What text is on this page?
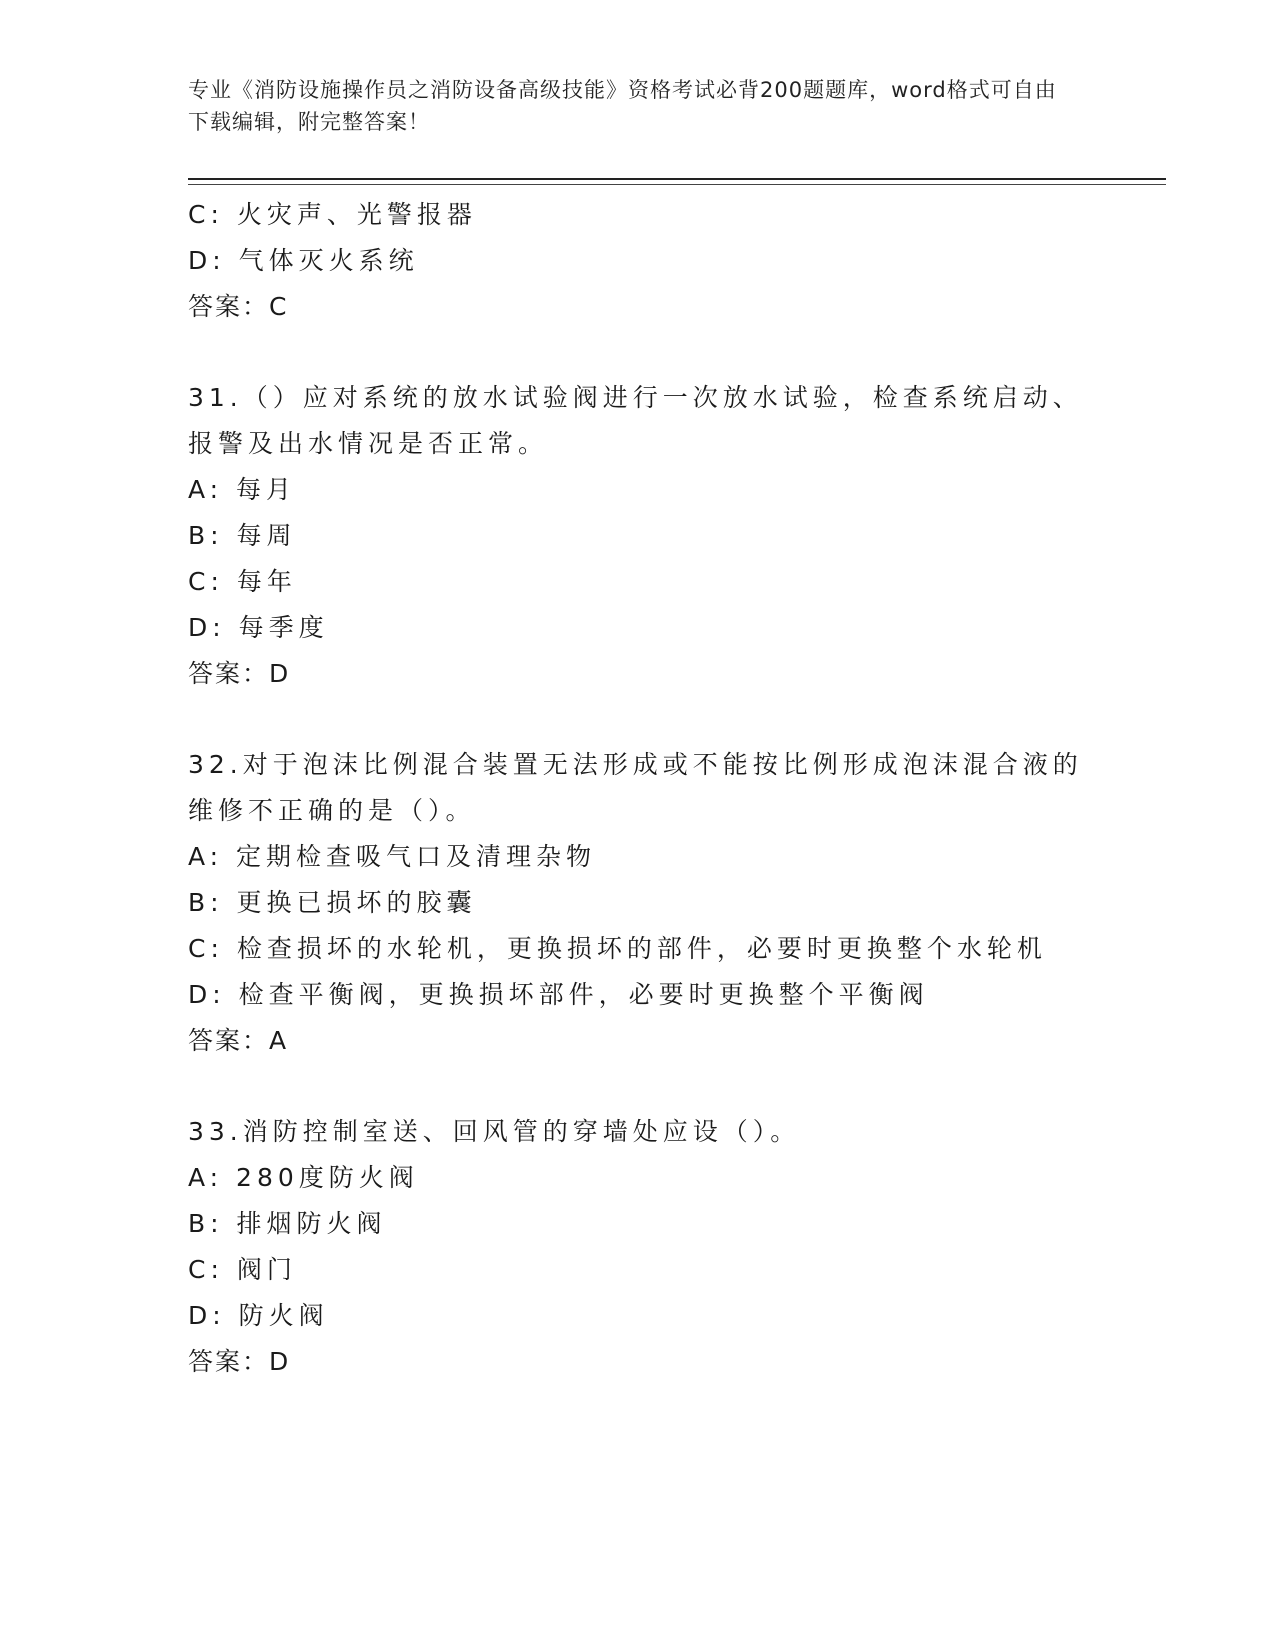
专业《消防设施操作员之消防设备高级技能》资格考试必背200题题库，word格式可自由下载编辑，附完整答案！
C: 火灾声、光警报器
D: 气体灭火系统
答案：C
31.（）应对系统的放水试验阀进行一次放水试验，检查系统启动、报警及出水情况是否正常。
A: 每月
B: 每周
C: 每年
D: 每季度
答案：D
32.对于泡沫比例混合装置无法形成或不能按比例形成泡沫混合液的维修不正确的是（）。
A: 定期检查吸气口及清理杂物
B: 更换已损坏的胶囊
C: 检查损坏的水轮机，更换损坏的部件，必要时更换整个水轮机
D: 检查平衡阀，更换损坏部件，必要时更换整个平衡阀
答案：A
33.消防控制室送、回风管的穿墙处应设（）。
A: 280度防火阀
B: 排烟防火阀
C: 阀门
D: 防火阀
答案：D
